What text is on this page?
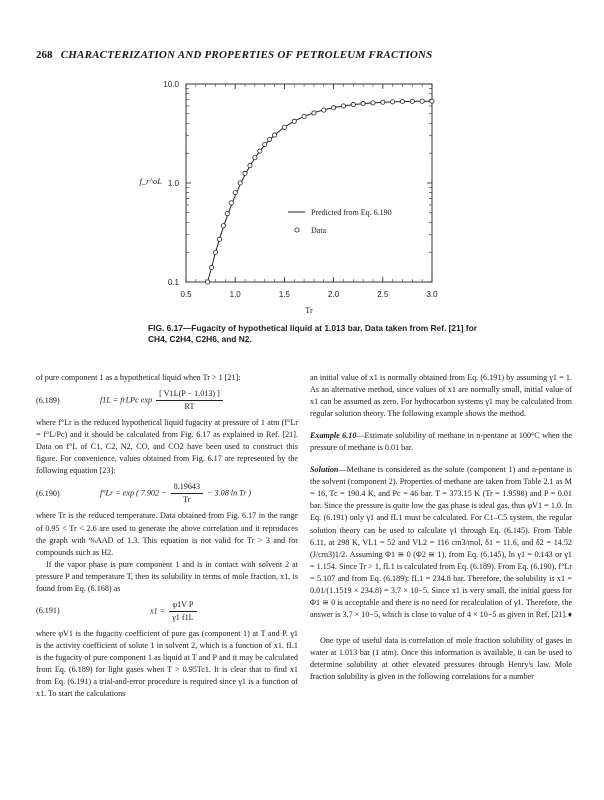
268 CHARACTERIZATION AND PROPERTIES OF PETROLEUM FRACTIONS
0.1
1.0
10.0
0.5	1.0	1.5	2.0	2.5	3.0
Tr
f_r^oL
Predicted from Eq. 6.190
Data
FIG. 6.17—Fugacity of hypothetical liquid at 1.013 bar. Data taken from Ref. [21] for CH4, C2H4, C2H6, and N2.

of pure component 1 as a hypothetical liquid when Tr > 1 [21]:

(6.189)	f1L = frLPc $\exp \frac{[ V1L(P - 1.013) ]}{RT}$

where f°Lr is the reduced hypothetical liquid fugacity at pressure of 1 atm (f°Lr = f°L/Pc) and it should be calculated from Fig. 6.17 as explained in Ref. [21]. Data on f°L of C1, C2, N2, CO, and CO2 have been used to construct this figure. For convenience, values obtained from Fig. 6.17 are represented by the following equation [23]:

(6.190)	f°Lr = exp ( $7.902 - \frac{8.19643}{Tr} - 3.08$ ln Tr )

where Tr is the reduced temperature. Data obtained from Fig. 6.17 in the range of 0.95 < Tr < 2.6 are used to generate the above correlation and it reproduces the graph with %AAD of 1.3. This equation is not valid for Tr > 3 and for compounds such as H2.

If the vapor phase is pure component 1 and is in contact with solvent 2 at pressure P and temperature T, then its solubility in terms of mole fraction, x1, is found from Eq. (6.168) as

(6.191)	$x1 = \frac{\text{φ1V P}}{\gamma 1 f1L}$

where φV1 is the fugacity coefficient of pure gas (component 1) at T and P. γ1 is the activity coefficient of solute 1 in solvent 2, which is a function of x1. fL1 is the fugacity of pure component 1 as liquid at T and P and it may be calculated from Eq. (6.189) for light gases when T > 0.95Tc1. It is clear that to find x1 from Eq. (6.191) a trial-and-error procedure is required since γ1 is a function of x1. To start the calculations

an initial value of x1 is normally obtained from Eq. (6.191) by assuming γ1 = 1. As an alternative method, since values of x1 are normally small, initial value of x1 can be assumed as zero. For hydrocarbon systems γ1 may be calculated from regular solution theory. The following example shows the method.

Example 6.10—Estimate solubility of methane in n-pentane at 100°C when the pressure of methane is 0.01 bar.

Solution—Methane is considered as the solute (component 1) and n-pentane is the solvent (component 2). Properties of methane are taken from Table 2.1 as M = 16, Tc = 190.4 K, and Pc = 46 bar. T = 373.15 K (Tr = 1.9598) and P = 0.01 bar. Since the pressure is quite low the gas phase is ideal gas, thus φV1 = 1.0. In Eq. (6.191) only γ1 and fL1 must be calculated. For C1–C5 system, the regular solution theory can be used to calculate γ1 through Eq. (6.145). From Table 6.11, at 298 K, VL1 = 52 and VL2 = 116 cm3/mol, δ1 = 11.6, and δ2 = 14.52 (J/cm3)1/2. Assuming Φ1 ≅ 0 (Φ2 ≅ 1), from Eq. (6.145), ln γ1 = 0.143 or γ1 = 1.154. Since Tr > 1, fL1 is calculated from Eq. (6.189). From Eq. (6.190), f°Lr = 5.107 and from Eq. (6.189): fL1 = 234.8 bar. Therefore, the solubility is x1 = 0.01/(1.1519 × 234.8) = 3.7 × 10−5. Since x1 is very small, the initial guess for Φ1 ≅ 0 is acceptable and there is no need for recalculation of γ1. Therefore, the answer is 3.7 × 10−5, which is close to value of 4 × 10−5 as given in Ref. [21]. ♦

One type of useful data is correlation of mole fraction solubility of gases in water at 1.013 bar (1 atm). Once this information is available, it can be used to determine solubility at other elevated pressures through Henry's law. Mole fraction solubility is given in the following correlations for a number
